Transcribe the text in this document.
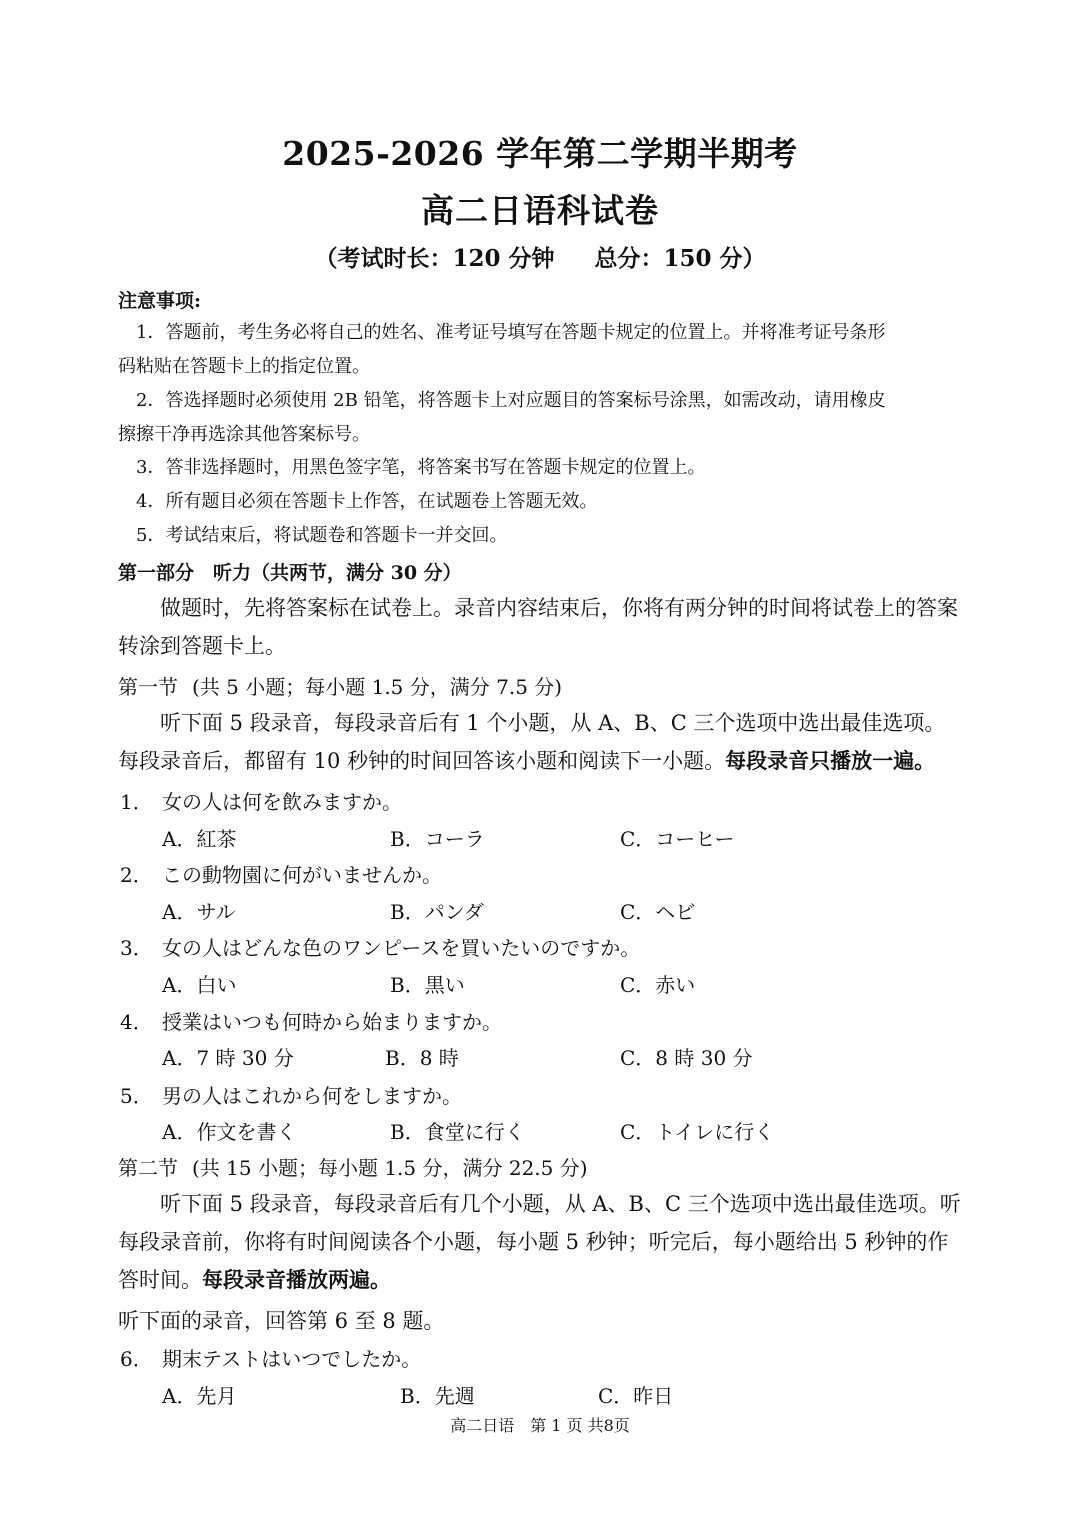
2025-2026 学年第二学期半期考
高二日语科试卷
（考试时长：120 分钟 总分：150 分）
注意事项:
1．答题前，考生务必将自己的姓名、准考证号填写在答题卡规定的位置上。并将准考证号条形
码粘贴在答题卡上的指定位置。
2．答选择题时必须使用 2B 铅笔，将答题卡上对应题目的答案标号涂黑，如需改动，请用橡皮
擦擦干净再选涂其他答案标号。
3．答非选择题时，用黑色签字笔，将答案书写在答题卡规定的位置上。
4．所有题目必须在答题卡上作答，在试题卷上答题无效。
5．考试结束后，将试题卷和答题卡一并交回。
第一部分　听力（共两节，满分 30 分）
做题时，先将答案标在试卷上。录音内容结束后，你将有两分钟的时间将试卷上的答案转涂到答题卡上。
第一节 (共 5 小题；每小题 1.5 分，满分 7.5 分)
听下面 5 段录音，每段录音后有 1 个小题，从 A、B、C 三个选项中选出最佳选项。每段录音后，都留有 10 秒钟的时间回答该小题和阅读下一小题。每段录音只播放一遍。
1． 女の人は何を飲みますか。
A．紅茶	B．コーラ	C．コーヒー
2． この動物園に何がいませんか。
A．サル	B．パンダ	C．ヘビ
3． 女の人はどんな色のワンピースを買いたいのですか。
A．白い	B．黒い	C．赤い
4． 授業はいつも何時から始まりますか。
A．7 時 30 分	B．8 時	C．8 時 30 分
5． 男の人はこれから何をしますか。
A．作文を書く	B．食堂に行く	C．トイレに行く
第二节 (共 15 小题；每小题 1.5 分，满分 22.5 分)
听下面 5 段录音，每段录音后有几个小题，从 A、B、C 三个选项中选出最佳选项。听每段录音前，你将有时间阅读各个小题，每小题 5 秒钟；听完后，每小题给出 5 秒钟的作答时间。每段录音播放两遍。
听下面的录音，回答第 6 至 8 题。
6． 期末テストはいつでしたか。
A．先月	B．先週	C．昨日
高二日语　第 1 页 共8页
